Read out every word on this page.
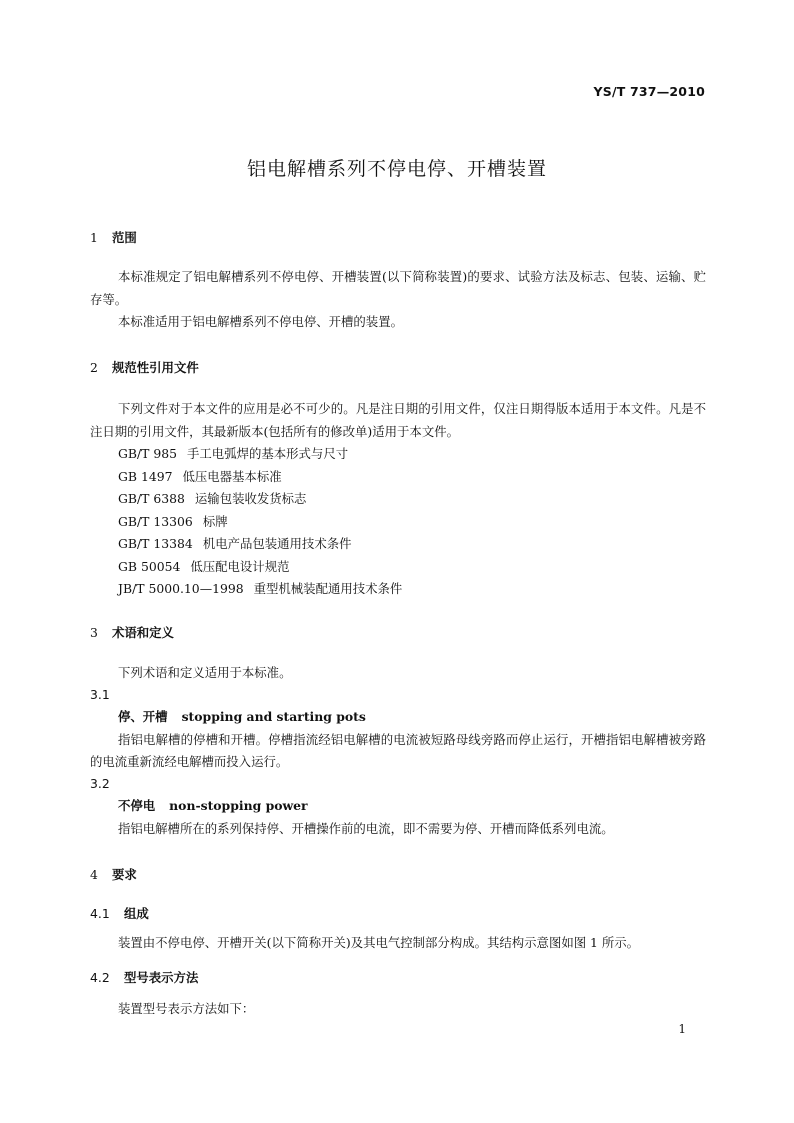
YS/T 737—2010
铝电解槽系列不停电停、开槽装置
1 范围

本标准规定了铝电解槽系列不停电停、开槽装置(以下简称装置)的要求、试验方法及标志、包装、运输、贮存等。

本标准适用于铝电解槽系列不停电停、开槽的装置。

2 规范性引用文件

下列文件对于本文件的应用是必不可少的。凡是注日期的引用文件，仅注日期得版本适用于本文件。凡是不注日期的引用文件，其最新版本(包括所有的修改单)适用于本文件。

GB/T 985 手工电弧焊的基本形式与尺寸

GB 1497 低压电器基本标准

GB/T 6388 运输包装收发货标志

GB/T 13306 标牌

GB/T 13384 机电产品包装通用技术条件

GB 50054 低压配电设计规范

JB/T 5000.10—1998 重型机械装配通用技术条件

3 术语和定义

下列术语和定义适用于本标准。

3.1

停、开槽 stopping and starting pots

指铝电解槽的停槽和开槽。停槽指流经铝电解槽的电流被短路母线旁路而停止运行，开槽指铝电解槽被旁路的电流重新流经电解槽而投入运行。

3.2

不停电 non-stopping power

指铝电解槽所在的系列保持停、开槽操作前的电流，即不需要为停、开槽而降低系列电流。

4 要求
4.1 组成

装置由不停电停、开槽开关(以下简称开关)及其电气控制部分构成。其结构示意图如图 1 所示。

4.2 型号表示方法

装置型号表示方法如下：

1
